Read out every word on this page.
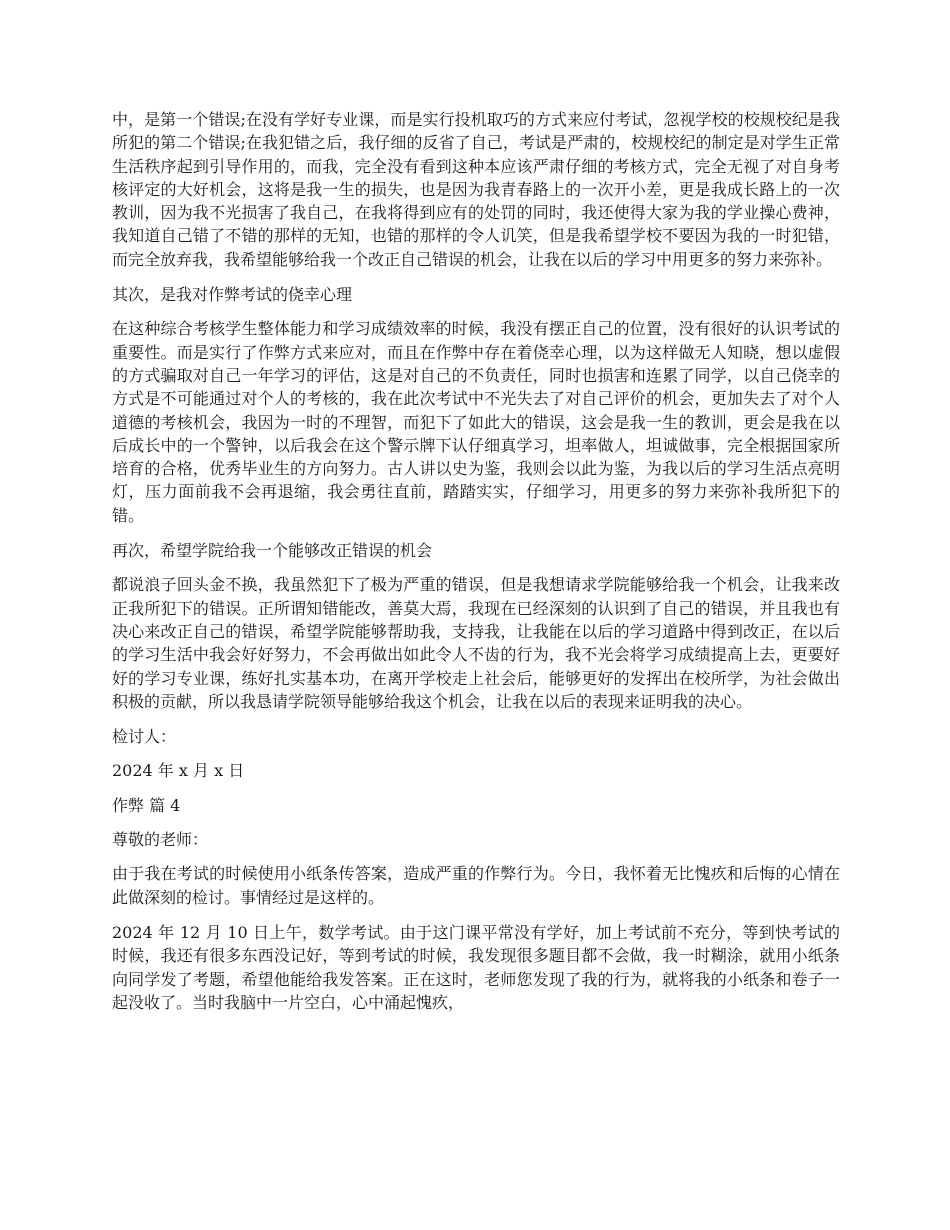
中，是第一个错误;在没有学好专业课，而是实行投机取巧的方式来应付考试，忽视学校的校规校纪是我所犯的第二个错误;在我犯错之后，我仔细的反省了自己，考试是严肃的，校规校纪的制定是对学生正常生活秩序起到引导作用的，而我，完全没有看到这种本应该严肃仔细的考核方式，完全无视了对自身考核评定的大好机会，这将是我一生的损失，也是因为我青春路上的一次开小差，更是我成长路上的一次教训，因为我不光损害了我自己，在我将得到应有的处罚的同时，我还使得大家为我的学业操心费神，我知道自己错了不错的那样的无知，也错的那样的令人讥笑，但是我希望学校不要因为我的一时犯错，而完全放弃我，我希望能够给我一个改正自己错误的机会，让我在以后的学习中用更多的努力来弥补。

其次，是我对作弊考试的侥幸心理

在这种综合考核学生整体能力和学习成绩效率的时候，我没有摆正自己的位置，没有很好的认识考试的重要性。而是实行了作弊方式来应对，而且在作弊中存在着侥幸心理，以为这样做无人知晓，想以虚假的方式骗取对自己一年学习的评估，这是对自己的不负责任，同时也损害和连累了同学，以自己侥幸的方式是不可能通过对个人的考核的，我在此次考试中不光失去了对自己评价的机会，更加失去了对个人道德的考核机会，我因为一时的不理智，而犯下了如此大的错误，这会是我一生的教训，更会是我在以后成长中的一个警钟，以后我会在这个警示牌下认仔细真学习，坦率做人，坦诚做事，完全根据国家所培育的合格，优秀毕业生的方向努力。古人讲以史为鉴，我则会以此为鉴，为我以后的学习生活点亮明灯，压力面前我不会再退缩，我会勇往直前，踏踏实实，仔细学习，用更多的努力来弥补我所犯下的错。

再次，希望学院给我一个能够改正错误的机会

都说浪子回头金不换，我虽然犯下了极为严重的错误，但是我想请求学院能够给我一个机会，让我来改正我所犯下的错误。正所谓知错能改，善莫大焉，我现在已经深刻的认识到了自己的错误，并且我也有决心来改正自己的错误，希望学院能够帮助我，支持我，让我能在以后的学习道路中得到改正，在以后的学习生活中我会好好努力，不会再做出如此令人不齿的行为，我不光会将学习成绩提高上去，更要好好的学习专业课，练好扎实基本功，在离开学校走上社会后，能够更好的发挥出在校所学，为社会做出积极的贡献，所以我恳请学院领导能够给我这个机会，让我在以后的表现来证明我的决心。

检讨人：

2024 年 x 月 x 日

作弊 篇 4

尊敬的老师：

由于我在考试的时候使用小纸条传答案，造成严重的作弊行为。今日，我怀着无比愧疚和后悔的心情在此做深刻的检讨。事情经过是这样的。

2024 年 12 月 10 日上午，数学考试。由于这门课平常没有学好，加上考试前不充分，等到快考试的时候，我还有很多东西没记好，等到考试的时候，我发现很多题目都不会做，我一时糊涂，就用小纸条向同学发了考题，希望他能给我发答案。正在这时，老师您发现了我的行为，就将我的小纸条和卷子一起没收了。当时我脑中一片空白，心中涌起愧疚，
